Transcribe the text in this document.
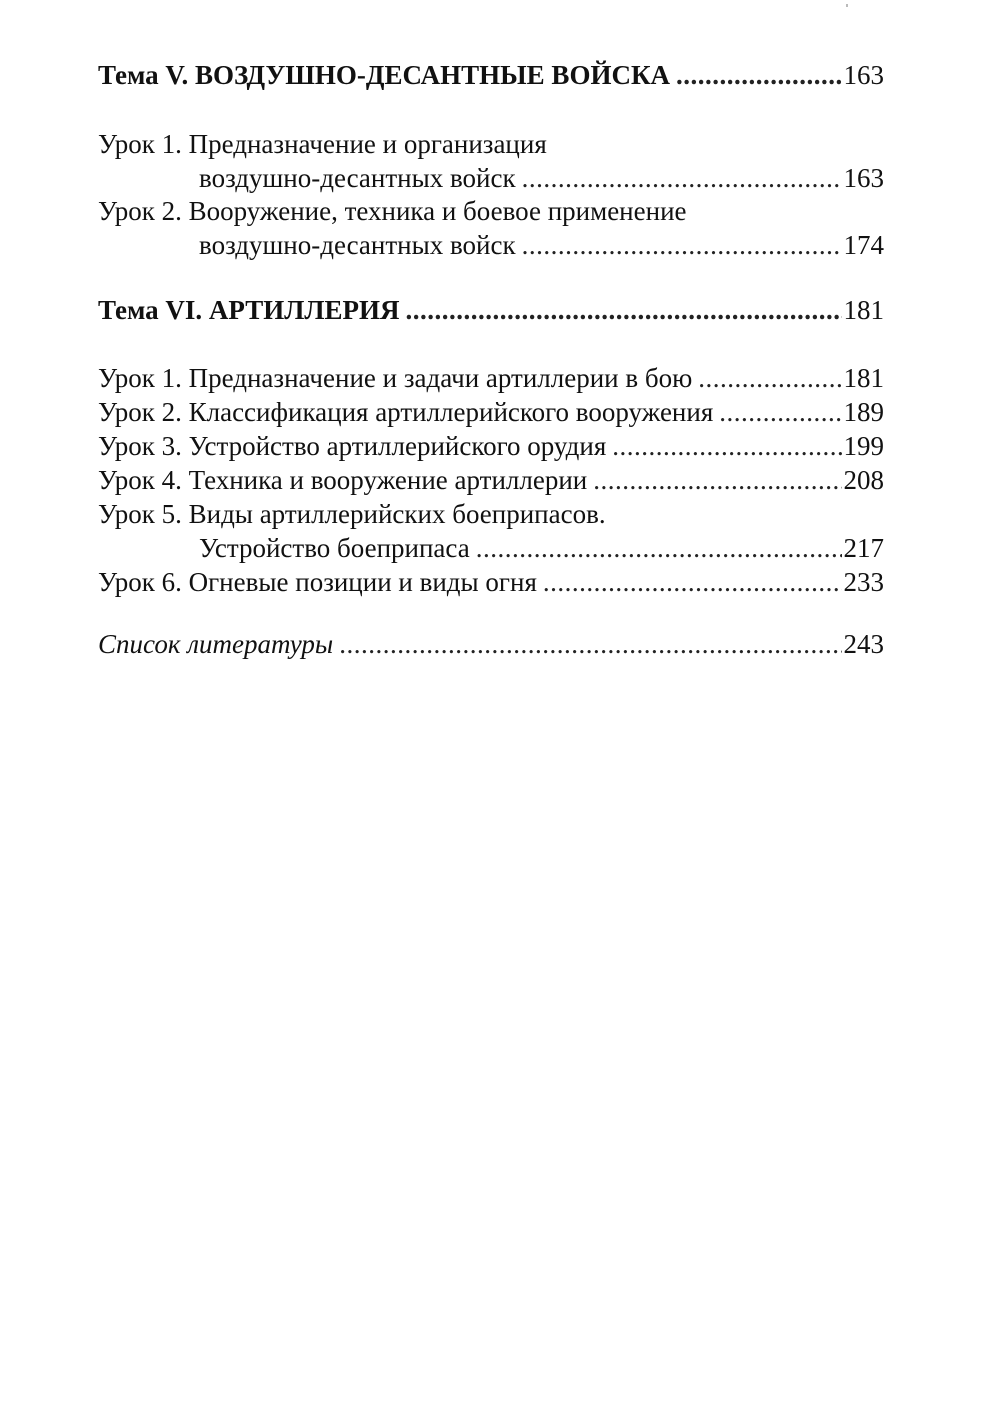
Тема V. ВОЗДУШНО-ДЕСАНТНЫЕ ВОЙСКА .....	163
Урок 1. Предназначение и организация
воздушно-десантных войск .....	163
Урок 2. Вооружение, техника и боевое применение
воздушно-десантных войск .....	174
Тема VI. АРТИЛЛЕРИЯ .....	181
Урок 1. Предназначение и задачи артиллерии в бою .....	181
Урок 2. Классификация артиллерийского вооружения .....	189
Урок 3. Устройство артиллерийского орудия .....	199
Урок 4. Техника и вооружение артиллерии .....	208
Урок 5. Виды артиллерийских боеприпасов.
Устройство боеприпаса .....	217
Урок 6. Огневые позиции и виды огня .....	233
Список литературы .....	243
